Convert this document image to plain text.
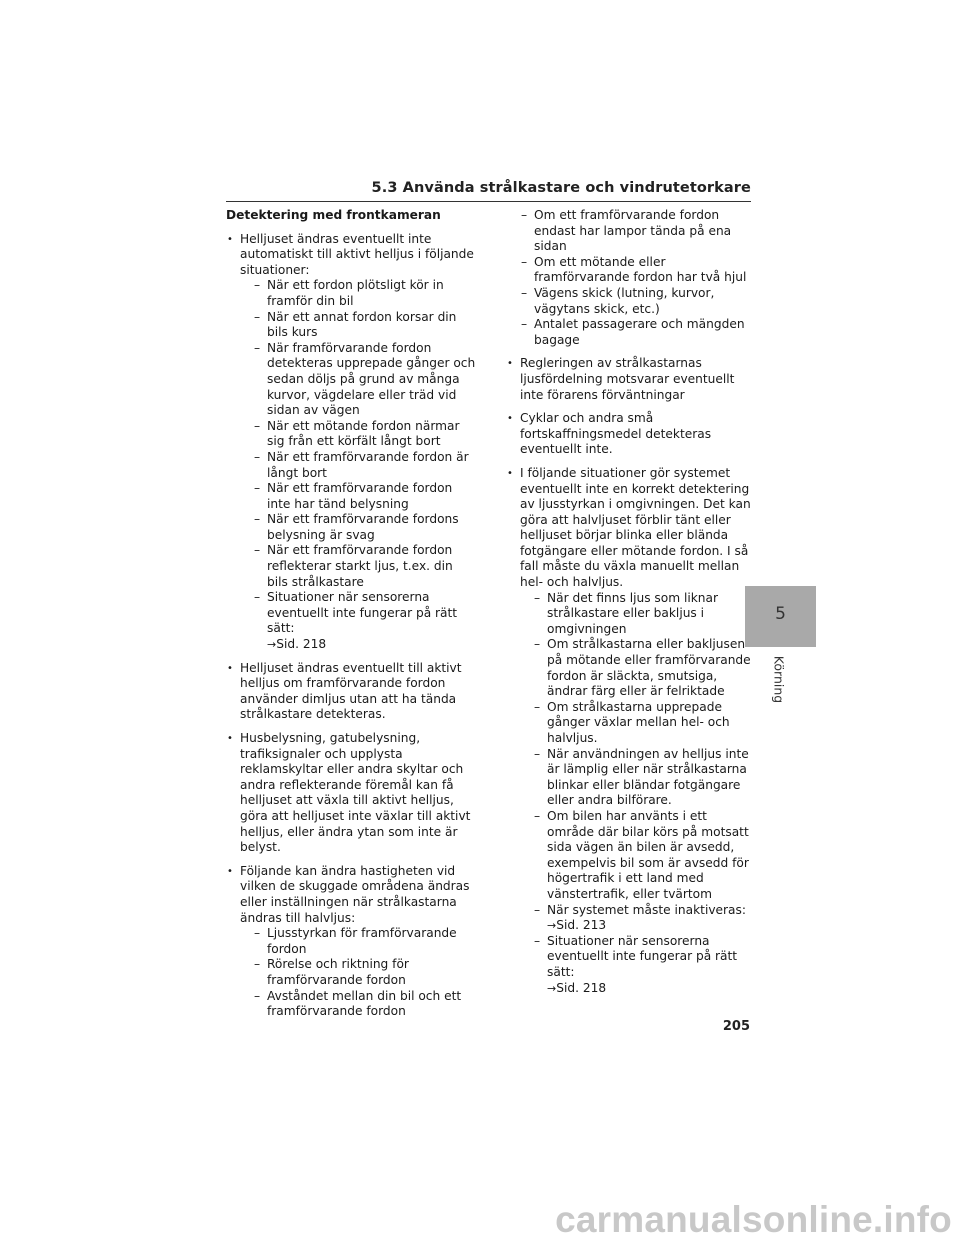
5.3 Använda strålkastare och vindrutetorkare
Detektering med frontkameran
• Helljuset ändras eventuellt inte automatiskt till aktivt helljus i följande situationer:
– När ett fordon plötsligt kör in framför din bil
– När ett annat fordon korsar din bils kurs
– När framförvarande fordon detekteras upprepade gånger och sedan döljs på grund av många kurvor, vägdelare eller träd vid sidan av vägen
– När ett mötande fordon närmar sig från ett körfält långt bort
– När ett framförvarande fordon är långt bort
– När ett framförvarande fordon inte har tänd belysning
– När ett framförvarande fordons belysning är svag
– När ett framförvarande fordon reflekterar starkt ljus, t.ex. din bils strålkastare
– Situationer när sensorerna eventuellt inte fungerar på rätt sätt:
→Sid. 218
• Helljuset ändras eventuellt till aktivt helljus om framförvarande fordon använder dimljus utan att ha tända strålkastare detekteras.
• Husbelysning, gatubelysning, trafiksignaler och upplysta reklamskyltar eller andra skyltar och andra reflekterande föremål kan få helljuset att växla till aktivt helljus, göra att helljuset inte växlar till aktivt helljus, eller ändra ytan som inte är belyst.
• Följande kan ändra hastigheten vid vilken de skuggade områdena ändras eller inställningen när strålkastarna ändras till halvljus:
– Ljusstyrkan för framförvarande fordon
– Rörelse och riktning för framförvarande fordon
– Avståndet mellan din bil och ett framförvarande fordon
– Om ett framförvarande fordon endast har lampor tända på ena sidan
– Om ett mötande eller framförvarande fordon har två hjul
– Vägens skick (lutning, kurvor, vägytans skick, etc.)
– Antalet passagerare och mängden bagage
• Regleringen av strålkastarnas ljusfördelning motsvarar eventuellt inte förarens förväntningar
• Cyklar och andra små fortskaffningsmedel detekteras eventuellt inte.
• I följande situationer gör systemet eventuellt inte en korrekt detektering av ljusstyrkan i omgivningen. Det kan göra att halvljuset förblir tänt eller helljuset börjar blinka eller blända fotgängare eller mötande fordon. I så fall måste du växla manuellt mellan hel- och halvljus.
– När det finns ljus som liknar strålkastare eller bakljus i omgivningen
– Om strålkastarna eller bakljusen på mötande eller framförvarande fordon är släckta, smutsiga, ändrar färg eller är felriktade
– Om strålkastarna upprepade gånger växlar mellan hel- och halvljus.
– När användningen av helljus inte är lämplig eller när strålkastarna blinkar eller bländar fotgängare eller andra bilförare.
– Om bilen har använts i ett område där bilar körs på motsatt sida vägen än bilen är avsedd, exempelvis bil som är avsedd för högertrafik i ett land med vänstertrafik, eller tvärtom
– När systemet måste inaktiveras:
→Sid. 213
– Situationer när sensorerna eventuellt inte fungerar på rätt sätt:
→Sid. 218
5
Körning
205
carmanualsonline.info
